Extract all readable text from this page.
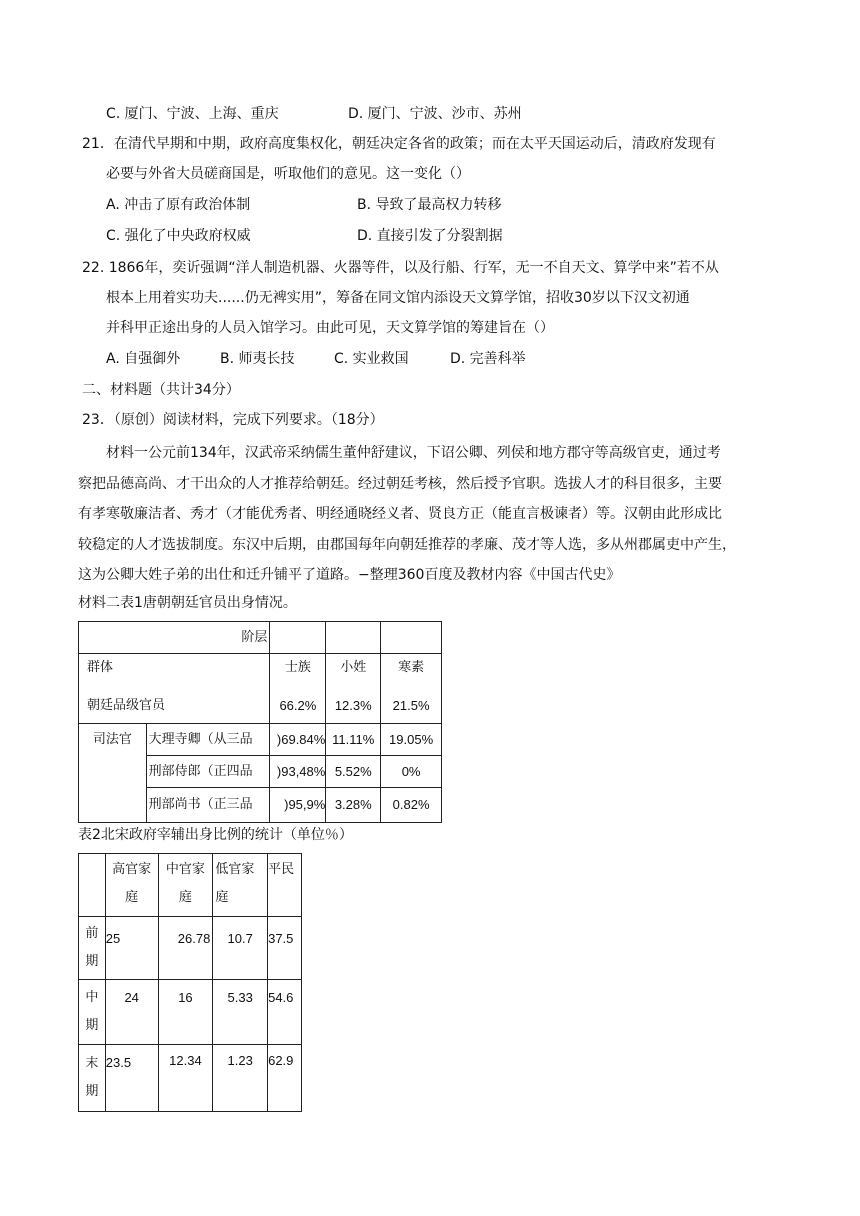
C. 厦门、宁波、上海、重庆	D. 厦门、宁波、沙市、苏州
21．在清代早期和中期，政府高度集权化，朝廷决定各省的政策；而在太平天国运动后，清政府发现有
必要与外省大员磋商国是，听取他们的意见。这一变化（）
A. 冲击了原有政治体制	B. 导致了最高权力转移
C. 强化了中央政府权威	D. 直接引发了分裂割据
22. 1866年，奕䜣强调“洋人制造机器、火器等件，以及行船、行军，无一不自天文、算学中来”若不从
根本上用着实功夫......仍无裨实用”，筹备在同文馆内添设天文算学馆，招收30岁以下汉文初通
并科甲正途出身的人员入馆学习。由此可见，天文算学馆的筹建旨在（）
A. 自强御外	B. 师夷长技	C. 实业救国	D. 完善科举
二、材料题（共计34分）
23．（原创）阅读材料，完成下列要求。（18分）
材料一公元前134年，汉武帝采纳儒生董仲舒建议，下诏公卿、列侯和地方郡守等高级官吏，通过考
察把品德高尚、才干出众的人才推荐给朝廷。经过朝廷考核，然后授予官职。选拔人才的科目很多，主要
有孝寒敬廉洁者、秀才（才能优秀者、明经通晓经义者、贤良方正（能直言极谏者）等。汉朝由此形成比
较稳定的人才选拔制度。东汉中后期，由郡国每年向朝廷推荐的孝廉、茂才等人选，多从州郡属吏中产生，
这为公卿大姓子弟的出仕和迁升铺平了道路。−整理360百度及教材内容《中国古代史》
材料二表1唐朝朝廷官员出身情况。
阶层				

群体		士族	小姓	寒素

朝廷品级官员		66.2%	12.3%	21.5%

司法官	大理寺卿（从三品	)69.84%	11.11%	19.05%

	刑部侍郎（正四品	)93,48%	5.52%	0%

	刑部尚书（正三品	)95,9%	3.28%	0.82%
表2北宋政府宰辅出身比例的统计（单位％）

	高官家
庭	中官家
庭	低官家
庭	平民

前
期	25	26.78	10.7	37.5

中
期	24	16	5.33	54.6

末
期	23.5	12.34	1.23	62.9
